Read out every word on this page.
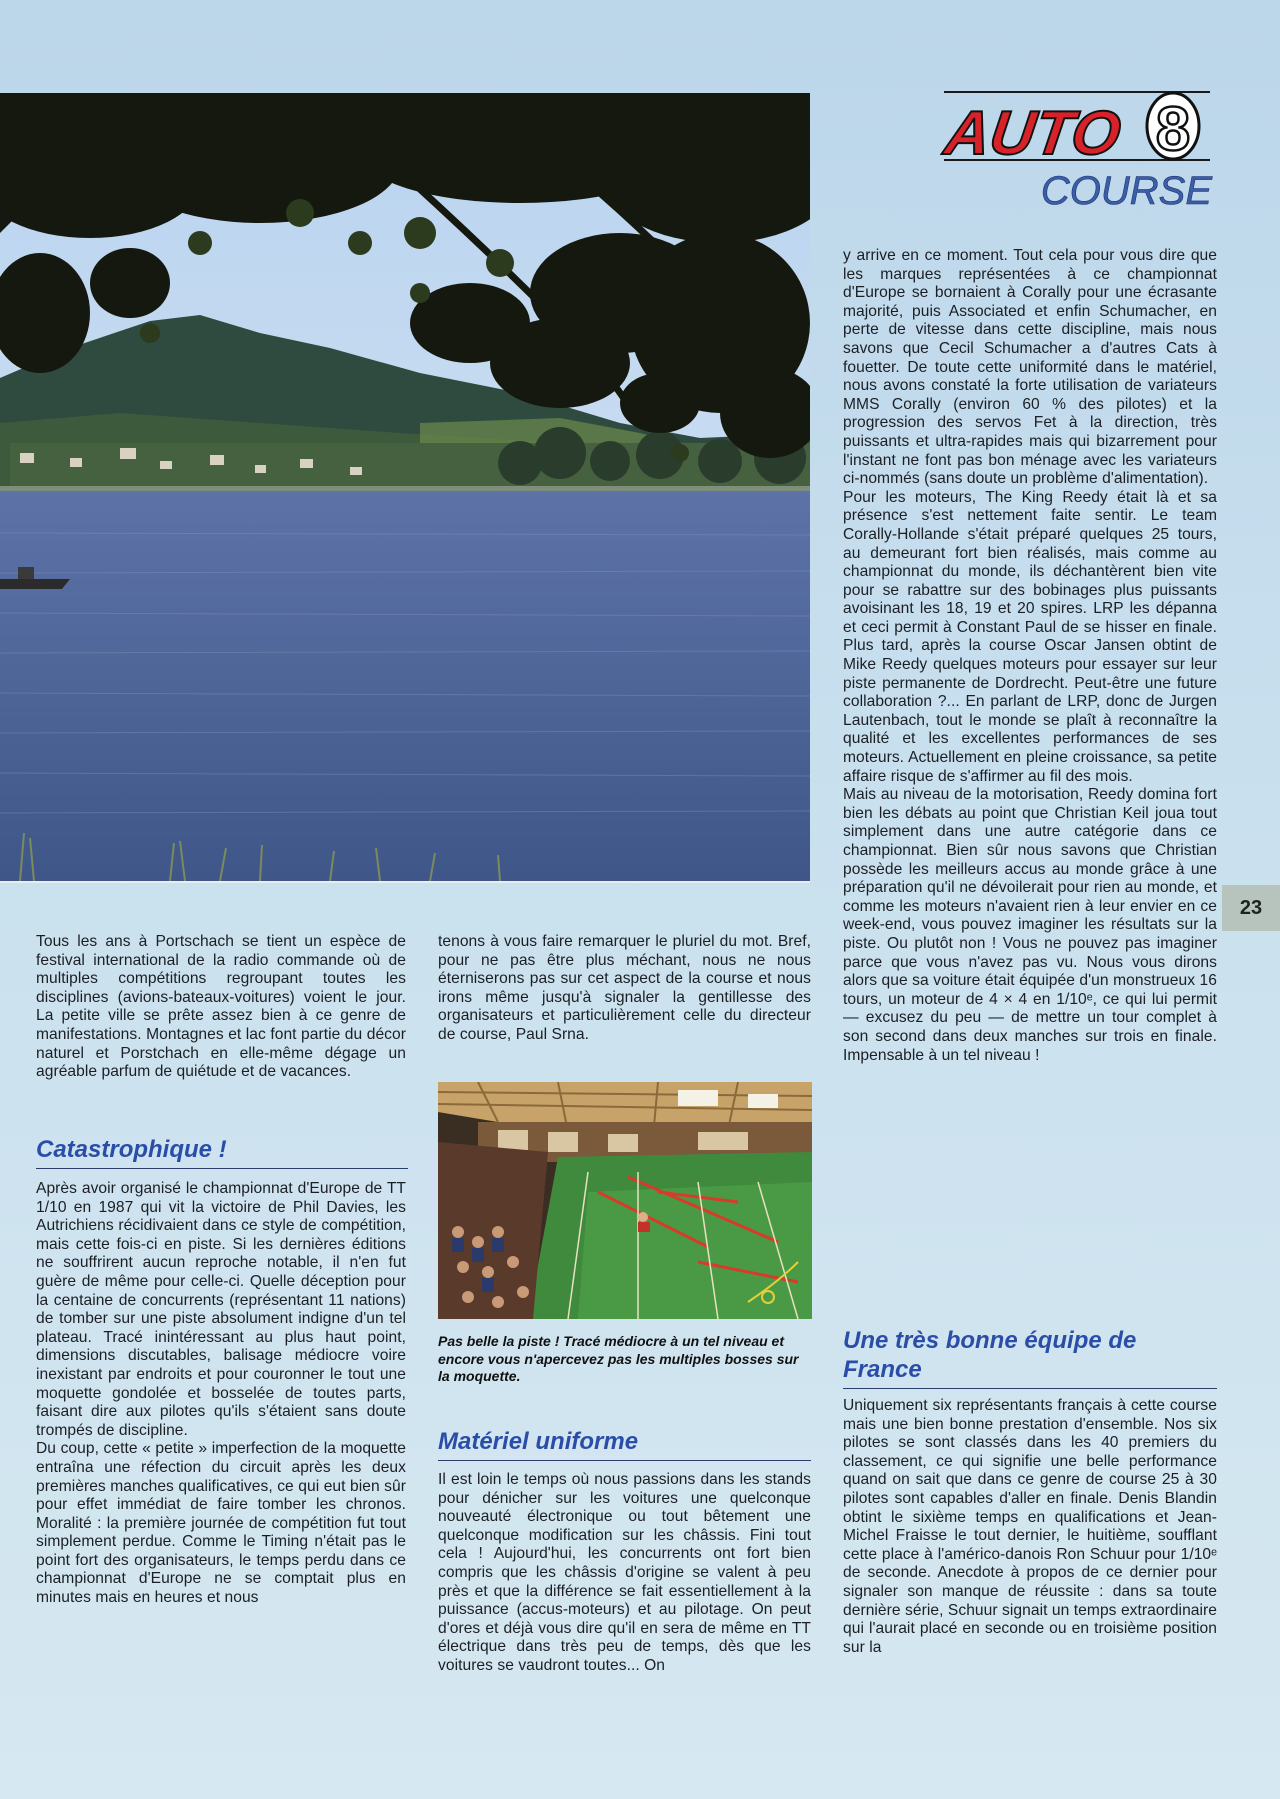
AUTO 8
COURSE
23

y arrive en ce moment. Tout cela pour vous dire que les marques représentées à ce championnat d'Europe se bornaient à Corally pour une écrasante majorité, puis Associated et enfin Schumacher, en perte de vitesse dans cette discipline, mais nous savons que Cecil Schumacher a d'autres Cats à fouetter. De toute cette uniformité dans le matériel, nous avons constaté la forte utilisation de variateurs MMS Corally (environ 60 % des pilotes) et la progression des servos Fet à la direction, très puissants et ultra-rapides mais qui bizarrement pour l'instant ne font pas bon ménage avec les variateurs ci-nommés (sans doute un problème d'alimentation).

Pour les moteurs, The King Reedy était là et sa présence s'est nettement faite sentir. Le team Corally-Hollande s'était préparé quelques 25 tours, au demeurant fort bien réalisés, mais comme au championnat du monde, ils déchantèrent bien vite pour se rabattre sur des bobinages plus puissants avoisinant les 18, 19 et 20 spires. LRP les dépanna et ceci permit à Constant Paul de se hisser en finale. Plus tard, après la course Oscar Jansen obtint de Mike Reedy quelques moteurs pour essayer sur leur piste permanente de Dordrecht. Peut-être une future collaboration ?... En parlant de LRP, donc de Jurgen Lautenbach, tout le monde se plaît à reconnaître la qualité et les excellentes performances de ses moteurs. Actuellement en pleine croissance, sa petite affaire risque de s'affirmer au fil des mois.

Mais au niveau de la motorisation, Reedy domina fort bien les débats au point que Christian Keil joua tout simplement dans une autre catégorie dans ce championnat. Bien sûr nous savons que Christian possède les meilleurs accus au monde grâce à une préparation qu'il ne dévoilerait pour rien au monde, et comme les moteurs n'avaient rien à leur envier en ce week-end, vous pouvez imaginer les résultats sur la piste. Ou plutôt non ! Vous ne pouvez pas imaginer parce que vous n'avez pas vu. Nous vous dirons alors que sa voiture était équipée d'un monstrueux 16 tours, un moteur de 4 × 4 en 1/10ᵉ, ce qui lui permit — excusez du peu — de mettre un tour complet à son second dans deux manches sur trois en finale. Impensable à un tel niveau !

Tous les ans à Portschach se tient un espèce de festival international de la radio commande où de multiples compétitions regroupant toutes les disciplines (avions-bateaux-voitures) voient le jour. La petite ville se prête assez bien à ce genre de manifestations. Montagnes et lac font partie du décor naturel et Porstchach en elle-même dégage un agréable parfum de quiétude et de vacances.

Catastrophique !

Après avoir organisé le championnat d'Europe de TT 1/10 en 1987 qui vit la victoire de Phil Davies, les Autrichiens récidivaient dans ce style de compétition, mais cette fois-ci en piste. Si les dernières éditions ne souffrirent aucun reproche notable, il n'en fut guère de même pour celle-ci. Quelle déception pour la centaine de concurrents (représentant 11 nations) de tomber sur une piste absolument indigne d'un tel plateau. Tracé inintéressant au plus haut point, dimensions discutables, balisage médiocre voire inexistant par endroits et pour couronner le tout une moquette gondolée et bosselée de toutes parts, faisant dire aux pilotes qu'ils s'étaient sans doute trompés de discipline.

Du coup, cette « petite » imperfection de la moquette entraîna une réfection du circuit après les deux premières manches qualificatives, ce qui eut bien sûr pour effet immédiat de faire tomber les chronos. Moralité : la première journée de compétition fut tout simplement perdue. Comme le Timing n'était pas le point fort des organisateurs, le temps perdu dans ce championnat d'Europe ne se comptait plus en minutes mais en heures et nous

tenons à vous faire remarquer le pluriel du mot. Bref, pour ne pas être plus méchant, nous ne nous éterniserons pas sur cet aspect de la course et nous irons même jusqu'à signaler la gentillesse des organisateurs et particulièrement celle du directeur de course, Paul Srna.

Pas belle la piste ! Tracé médiocre à un tel niveau et encore vous n'apercevez pas les multiples bosses sur la moquette.
Matériel uniforme

Il est loin le temps où nous passions dans les stands pour dénicher sur les voitures une quelconque nouveauté électronique ou tout bêtement une quelconque modification sur les châssis. Fini tout cela ! Aujourd'hui, les concurrents ont fort bien compris que les châssis d'origine se valent à peu près et que la différence se fait essentiellement à la puissance (accus-moteurs) et au pilotage. On peut d'ores et déjà vous dire qu'il en sera de même en TT électrique dans très peu de temps, dès que les voitures se vaudront toutes... On

Une très bonne équipe de France

Uniquement six représentants français à cette course mais une bien bonne prestation d'ensemble. Nos six pilotes se sont classés dans les 40 premiers du classement, ce qui signifie une belle performance quand on sait que dans ce genre de course 25 à 30 pilotes sont capables d'aller en finale. Denis Blandin obtint le sixième temps en qualifications et Jean-Michel Fraisse le tout dernier, le huitième, soufflant cette place à l'américo-danois Ron Schuur pour 1/10ᵉ de seconde. Anecdote à propos de ce dernier pour signaler son manque de réussite : dans sa toute dernière série, Schuur signait un temps extraordinaire qui l'aurait placé en seconde ou en troisième position sur la
